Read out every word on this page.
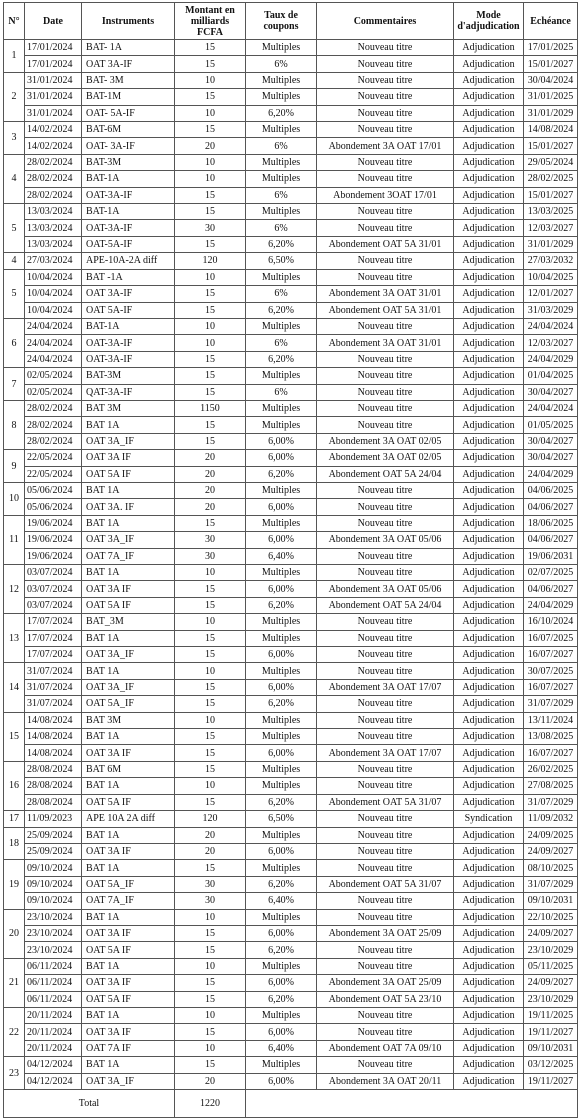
N°	Date	Instruments	Montant en milliards FCFA	Taux de coupons	Commentaires	Mode d'adjudication	Echéance
1	17/01/2024	BAT- 1A	15	Multiples	Nouveau titre	Adjudication	17/01/2025
	17/01/2024	OAT 3A-IF	15	6%	Nouveau titre	Adjudication	15/01/2027
2	31/01/2024	BAT- 3M	10	Multiples	Nouveau titre	Adjudication	30/04/2024
	31/01/2024	BAT-1M	15	Multiples	Nouveau titre	Adjudication	31/01/2025
	31/01/2024	OAT- 5A-IF	10	6,20%	Nouveau titre	Adjudication	31/01/2029
3	14/02/2024	BAT-6M	15	Multiples	Nouveau titre	Adjudication	14/08/2024
	14/02/2024	OAT- 3A-IF	20	6%	Abondement 3A OAT 17/01	Adjudication	15/01/2027
4	28/02/2024	BAT-3M	10	Multiples	Nouveau titre	Adjudication	29/05/2024
	28/02/2024	BAT-1A	10	Multiples	Nouveau titre	Adjudication	28/02/2025
	28/02/2024	OAT-3A-IF	15	6%	Abondement 3OAT 17/01	Adjudication	15/01/2027
5	13/03/2024	BAT-1A	15	Multiples	Nouveau titre	Adjudication	13/03/2025
	13/03/2024	OAT-3A-IF	30	6%	Nouveau titre	Adjudication	12/03/2027
	13/03/2024	OAT-5A-IF	15	6,20%	Abondement OAT 5A 31/01	Adjudication	31/01/2029
4	27/03/2024	APE-10A-2A diff	120	6,50%	Nouveau titre	Adjudication	27/03/2032
5	10/04/2024	BAT -1A	10	Multiples	Nouveau titre	Adjudication	10/04/2025
	10/04/2024	OAT 3A-IF	15	6%	Abondement 3A OAT 31/01	Adjudication	12/01/2027
	10/04/2024	OAT 5A-IF	15	6,20%	Abondement OAT 5A 31/01	Adjudication	31/03/2029
6	24/04/2024	BAT-1A	10	Multiples	Nouveau titre	Adjudication	24/04/2024
	24/04/2024	OAT-3A-IF	10	6%	Abondement 3A OAT 31/01	Adjudication	12/03/2027
	24/04/2024	OAT-3A-IF	15	6,20%	Nouveau titre	Adjudication	24/04/2029
7	02/05/2024	BAT-3M	15	Multiples	Nouveau titre	Adjudication	01/04/2025
	02/05/2024	QAT-3A-IF	15	6%	Nouveau titre	Adjudication	30/04/2027
8	28/02/2024	BAT 3M	1150	Multiples	Nouveau titre	Adjudication	24/04/2024
	28/02/2024	BAT 1A	15	Multiples	Nouveau titre	Adjudication	01/05/2025
	28/02/2024	OAT 3A_IF	15	6,00%	Abondement 3A OAT 02/05	Adjudication	30/04/2027
9	22/05/2024	OAT 3A IF	20	6,00%	Abondement 3A OAT 02/05	Adjudication	30/04/2027
	22/05/2024	OAT 5A IF	20	6,20%	Abondement OAT 5A 24/04	Adjudication	24/04/2029
10	05/06/2024	BAT 1A	20	Multiples	Nouveau titre	Adjudication	04/06/2025
	05/06/2024	OAT 3A. IF	20	6,00%	Nouveau titre	Adjudication	04/06/2027
11	19/06/2024	BAT 1A	15	Multiples	Nouveau titre	Adjudication	18/06/2025
	19/06/2024	OAT 3A_IF	30	6,00%	Abondement 3A OAT 05/06	Adjudication	04/06/2027
	19/06/2024	OAT 7A_IF	30	6,40%	Nouveau titre	Adjudication	19/06/2031
12	03/07/2024	BAT 1A	10	Multiples	Nouveau titre	Adjudication	02/07/2025
	03/07/2024	OAT 3A IF	15	6,00%	Abondement 3A OAT 05/06	Adjudication	04/06/2027
	03/07/2024	OAT 5A IF	15	6,20%	Abondement OAT 5A 24/04	Adjudication	24/04/2029
13	17/07/2024	BAT_3M	10	Multiples	Nouveau titre	Adjudication	16/10/2024
	17/07/2024	BAT 1A	15	Multiples	Nouveau titre	Adjudication	16/07/2025
	17/07/2024	OAT 3A_IF	15	6,00%	Nouveau titre	Adjudication	16/07/2027
14	31/07/2024	BAT 1A	10	Multiples	Nouveau titre	Adjudication	30/07/2025
	31/07/2024	OAT 3A_IF	15	6,00%	Abondement 3A OAT 17/07	Adjudication	16/07/2027
	31/07/2024	OAT 5A_IF	15	6,20%	Nouveau titre	Adjudication	31/07/2029
15	14/08/2024	BAT 3M	10	Multiples	Nouveau titre	Adjudication	13/11/2024
	14/08/2024	BAT 1A	15	Multiples	Nouveau titre	Adjudication	13/08/2025
	14/08/2024	OAT 3A IF	15	6,00%	Abondement 3A OAT 17/07	Adjudication	16/07/2027
16	28/08/2024	BAT 6M	15	Multiples	Nouveau titre	Adjudication	26/02/2025
	28/08/2024	BAT 1A	10	Multiples	Nouveau titre	Adjudication	27/08/2025
	28/08/2024	OAT 5A IF	15	6,20%	Abondement OAT 5A 31/07	Adjudication	31/07/2029
17	11/09/2023	APE 10A 2A diff	120	6,50%	Nouveau titre	Syndication	11/09/2032
18	25/09/2024	BAT 1A	20	Multiples	Nouveau titre	Adjudication	24/09/2025
	25/09/2024	OAT 3A IF	20	6,00%	Nouveau titre	Adjudication	24/09/2027
19	09/10/2024	BAT 1A	15	Multiples	Nouveau titre	Adjudication	08/10/2025
	09/10/2024	OAT 5A_IF	30	6,20%	Abondement OAT 5A 31/07	Adjudication	31/07/2029
	09/10/2024	OAT 7A_IF	30	6,40%	Nouveau titre	Adjudication	09/10/2031
20	23/10/2024	BAT 1A	10	Multiples	Nouveau titre	Adjudication	22/10/2025
	23/10/2024	OAT 3A IF	15	6,00%	Abondement 3A OAT 25/09	Adjudication	24/09/2027
	23/10/2024	OAT 5A IF	15	6,20%	Nouveau titre	Adjudication	23/10/2029
21	06/11/2024	BAT 1A	10	Multiples	Nouveau titre	Adjudication	05/11/2025
	06/11/2024	OAT 3A IF	15	6,00%	Abondement 3A OAT 25/09	Adjudication	24/09/2027
	06/11/2024	OAT 5A IF	15	6,20%	Abondement OAT 5A 23/10	Adjudication	23/10/2029
22	20/11/2024	BAT 1A	10	Multiples	Nouveau titre	Adjudication	19/11/2025
	20/11/2024	OAT 3A IF	15	6,00%	Nouveau titre	Adjudication	19/11/2027
	20/11/2024	OAT 7A IF	10	6,40%	Abondement OAT 7A 09/10	Adjudication	09/10/2031
23	04/12/2024	BAT 1A	15	Multiples	Nouveau titre	Adjudication	03/12/2025
	04/12/2024	OAT 3A_IF	20	6,00%	Abondement 3A OAT 20/11	Adjudication	19/11/2027
Total			1220				
